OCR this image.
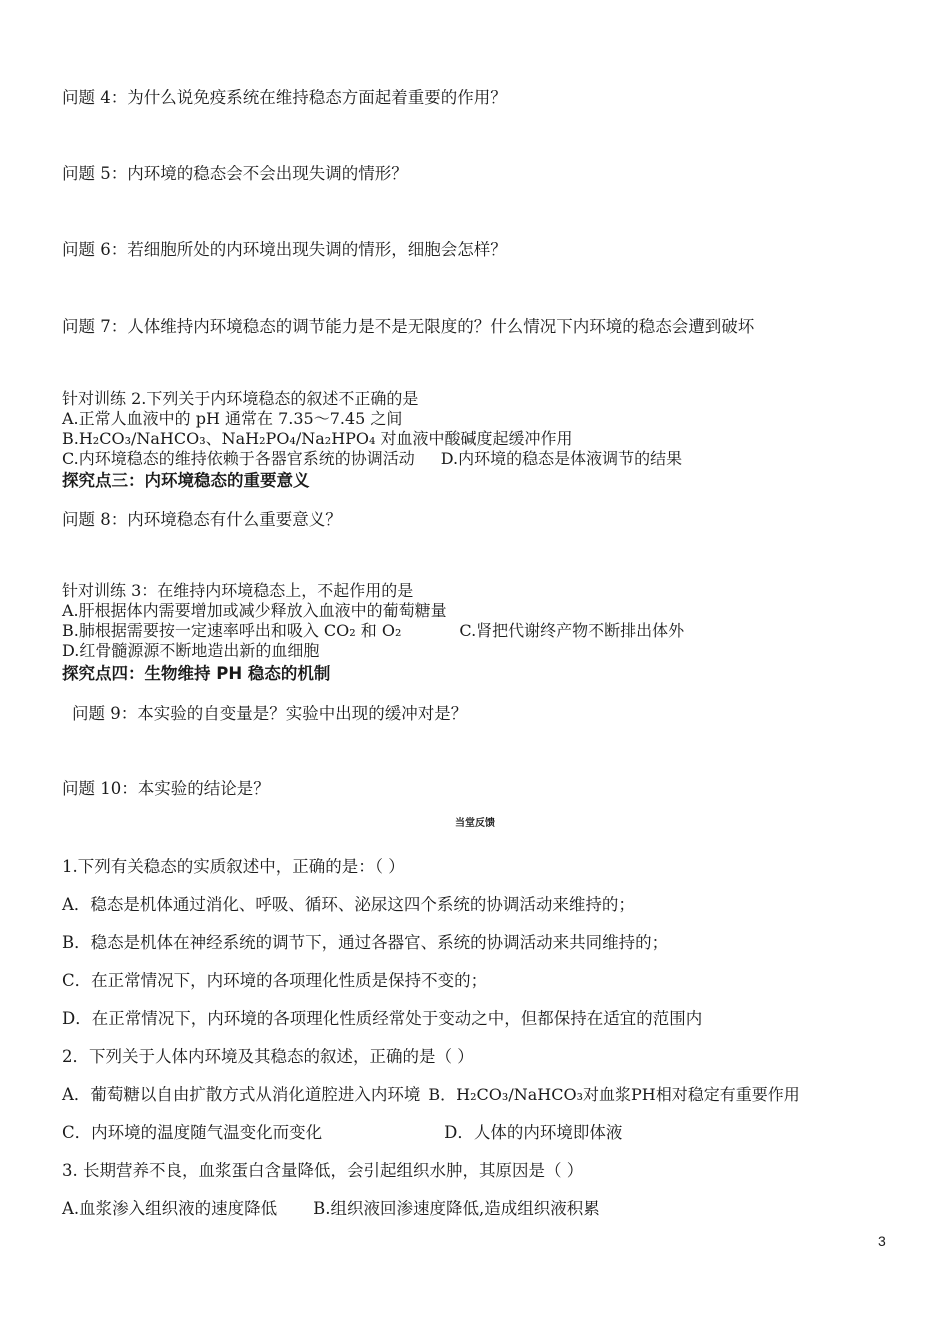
问题 4：为什么说免疫系统在维持稳态方面起着重要的作用？
问题 5：内环境的稳态会不会出现失调的情形？
问题 6：若细胞所处的内环境出现失调的情形，细胞会怎样？
问题 7：人体维持内环境稳态的调节能力是不是无限度的？什么情况下内环境的稳态会遭到破坏
针对训练 2.下列关于内环境稳态的叙述不正确的是
A.正常人血液中的 pH 通常在 7.35～7.45 之间
B.H₂CO₃/NaHCO₃、NaH₂PO₄/Na₂HPO₄ 对血液中酸碱度起缓冲作用
C.内环境稳态的维持依赖于各器官系统的协调活动 D.内环境的稳态是体液调节的结果
探究点三：内环境稳态的重要意义
问题 8：内环境稳态有什么重要意义？
针对训练 3：在维持内环境稳态上，不起作用的是
A.肝根据体内需要增加或减少释放入血液中的葡萄糖量
B.肺根据需要按一定速率呼出和吸入 CO₂ 和 O₂	C.肾把代谢终产物不断排出体外
D.红骨髓源源不断地造出新的血细胞
探究点四：生物维持 PH 稳态的机制
问题 9：本实验的自变量是？实验中出现的缓冲对是？
问题 10：本实验的结论是？
当堂反馈
1.下列有关稳态的实质叙述中，正确的是：（ ）
A．稳态是机体通过消化、呼吸、循环、泌尿这四个系统的协调活动来维持的；
B．稳态是机体在神经系统的调节下，通过各器官、系统的协调活动来共同维持的；
C．在正常情况下，内环境的各项理化性质是保持不变的；
D．在正常情况下，内环境的各项理化性质经常处于变动之中，但都保持在适宜的范围内
2．下列关于人体内环境及其稳态的叙述，正确的是（ ）
A．葡萄糖以自由扩散方式从消化道腔进入内环境 B．H₂CO₃/NaHCO₃对血浆PH相对稳定有重要作用
C．内环境的温度随气温变化而变化	D．人体的内环境即体液
3. 长期营养不良，血浆蛋白含量降低，会引起组织水肿，其原因是（ ）
A.血浆渗入组织液的速度降低 B.组织液回渗速度降低,造成组织液积累
3
